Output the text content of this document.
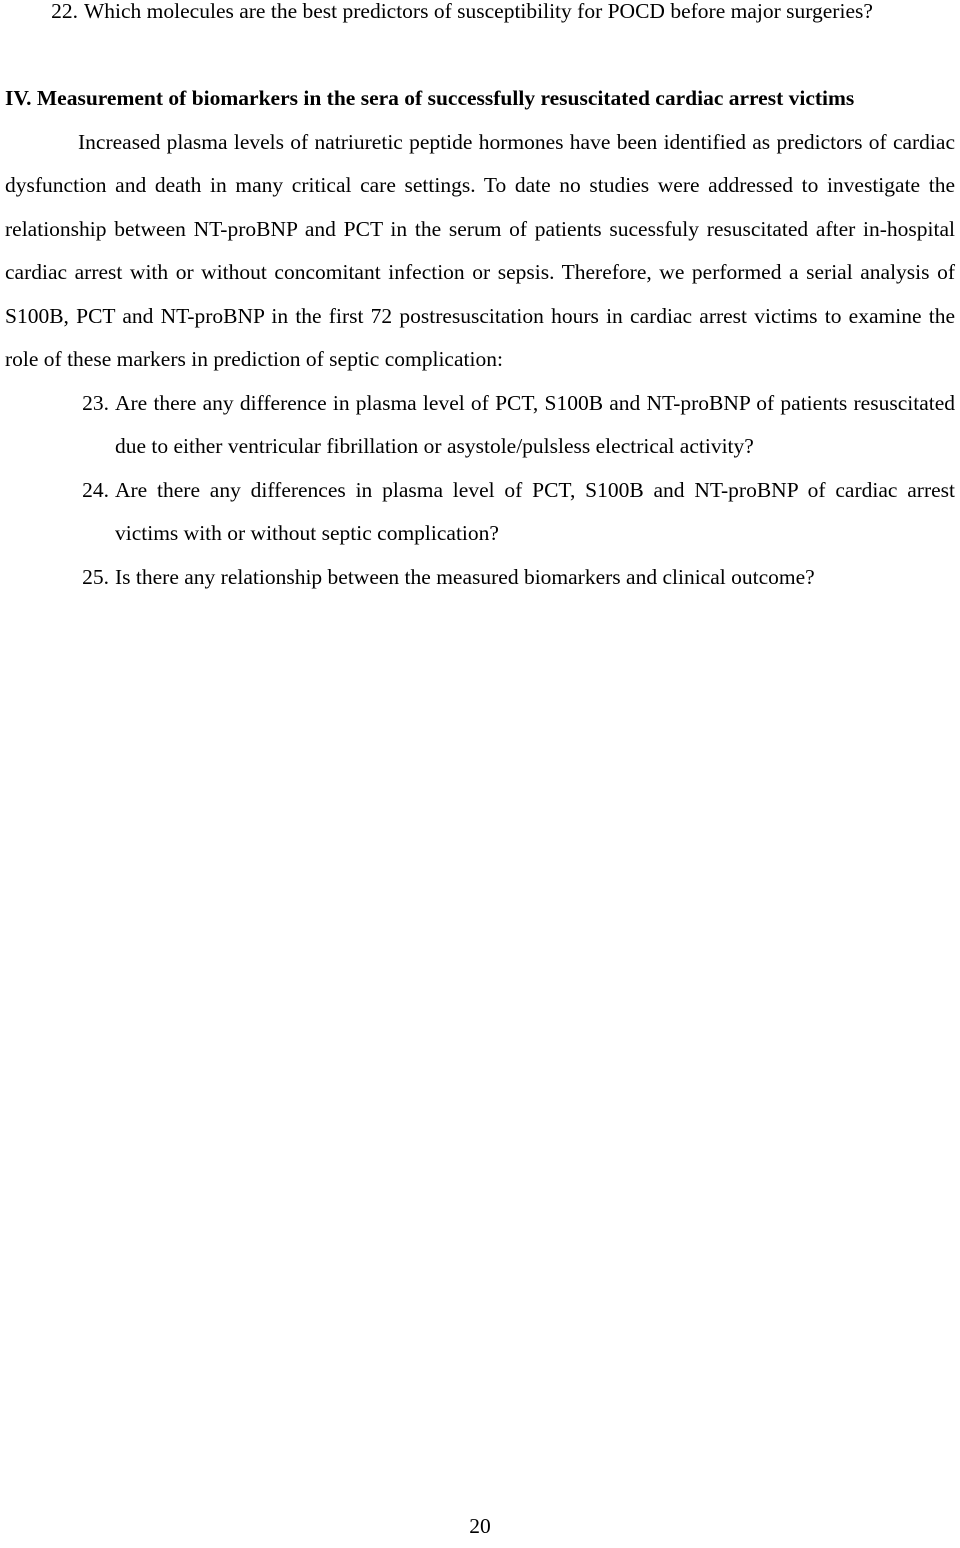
22. Which molecules are the best predictors of susceptibility for POCD before major surgeries?
IV. Measurement of biomarkers in the sera of successfully resuscitated cardiac arrest victims
Increased plasma levels of natriuretic peptide hormones have been identified as predictors of cardiac dysfunction and death in many critical care settings. To date no studies were addressed to investigate the relationship between NT-proBNP and PCT in the serum of patients sucessfuly resuscitated after in-hospital cardiac arrest with or without concomitant infection or sepsis. Therefore, we performed a serial analysis of S100B, PCT and NT-proBNP in the first 72 postresuscitation hours in cardiac arrest victims to examine the role of these markers in prediction of septic complication:
23. Are there any difference in plasma level of PCT, S100B and NT-proBNP of patients resuscitated due to either ventricular fibrillation or asystole/pulsless electrical activity?
24. Are there any differences in plasma level of PCT, S100B and NT-proBNP of cardiac arrest victims with or without septic complication?
25. Is there any relationship between the measured biomarkers and clinical outcome?
20
